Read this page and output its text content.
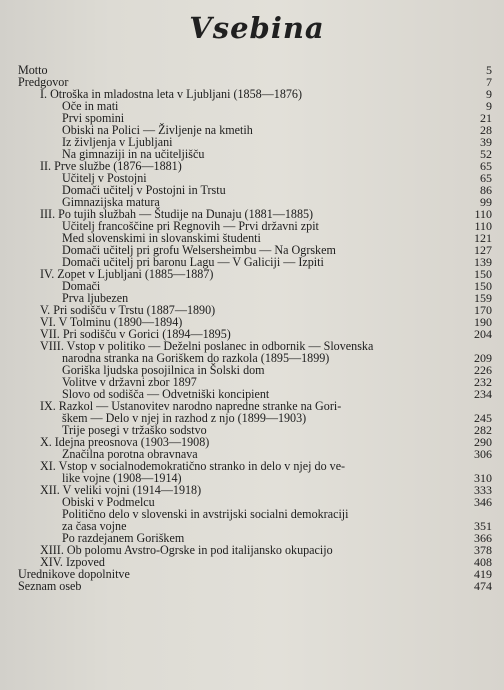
Vsebina
Motto	5
Predgovor	7
I. Otroška in mladostna leta v Ljubljani (1858—1876)	9
Oče in mati	9
Prvi spomini	21
Obiski na Polici — Življenje na kmetih	28
Iz življenja v Ljubljani	39
Na gimnaziji in na učiteljišču	52
II. Prve službe (1876—1881)	65
Učitelj v Postojni	65
Domači učitelj v Postojni in Trstu	86
Gimnazijska matura	99
III. Po tujih službah — Študije na Dunaju (1881—1885)	110
Učitelj francoščine pri Regnovih — Prvi državni zpit	110
Med slovenskimi in slovanskimi študenti	121
Domači učitelj pri grofu Welsersheimbu — Na Ogrskem	127
Domači učitelj pri baronu Lagu — V Galiciji — Izpiti	139
IV. Zopet v Ljubljani (1885—1887)	150
Domači	150
Prva ljubezen	159
V. Pri sodišču v Trstu (1887—1890)	170
VI. V Tolminu (1890—1894)	190
VII. Pri sodišču v Gorici (1894—1895)	204
VIII. Vstop v politiko — Deželni poslanec in odbornik — Slovenska
narodna stranka na Goriškem do razkola (1895—1899)	209
Goriška ljudska posojilnica in Šolski dom	226
Volitve v državni zbor 1897	232
Slovo od sodišča — Odvetniški koncipient	234
IX. Razkol — Ustanovitev narodno napredne stranke na Gori-
škem — Delo v njej in razhod z njo (1899—1903)	245
Trije posegi v tržaško sodstvo	282
X. Idejna preosnova (1903—1908)	290
Značilna porotna obravnava	306
XI. Vstop v socialnodemokratično stranko in delo v njej do ve-
like vojne (1908—1914)	310
XII. V veliki vojni (1914—1918)	333
Obiski v Podmelcu	346
Politično delo v slovenski in avstrijski socialni demokraciji
za časa vojne	351
Po razdejanem Goriškem	366
XIII. Ob polomu Avstro-Ogrske in pod italijansko okupacijo	378
XIV. Izpoved	408
Urednikove dopolnitve	419
Seznam oseb	474
